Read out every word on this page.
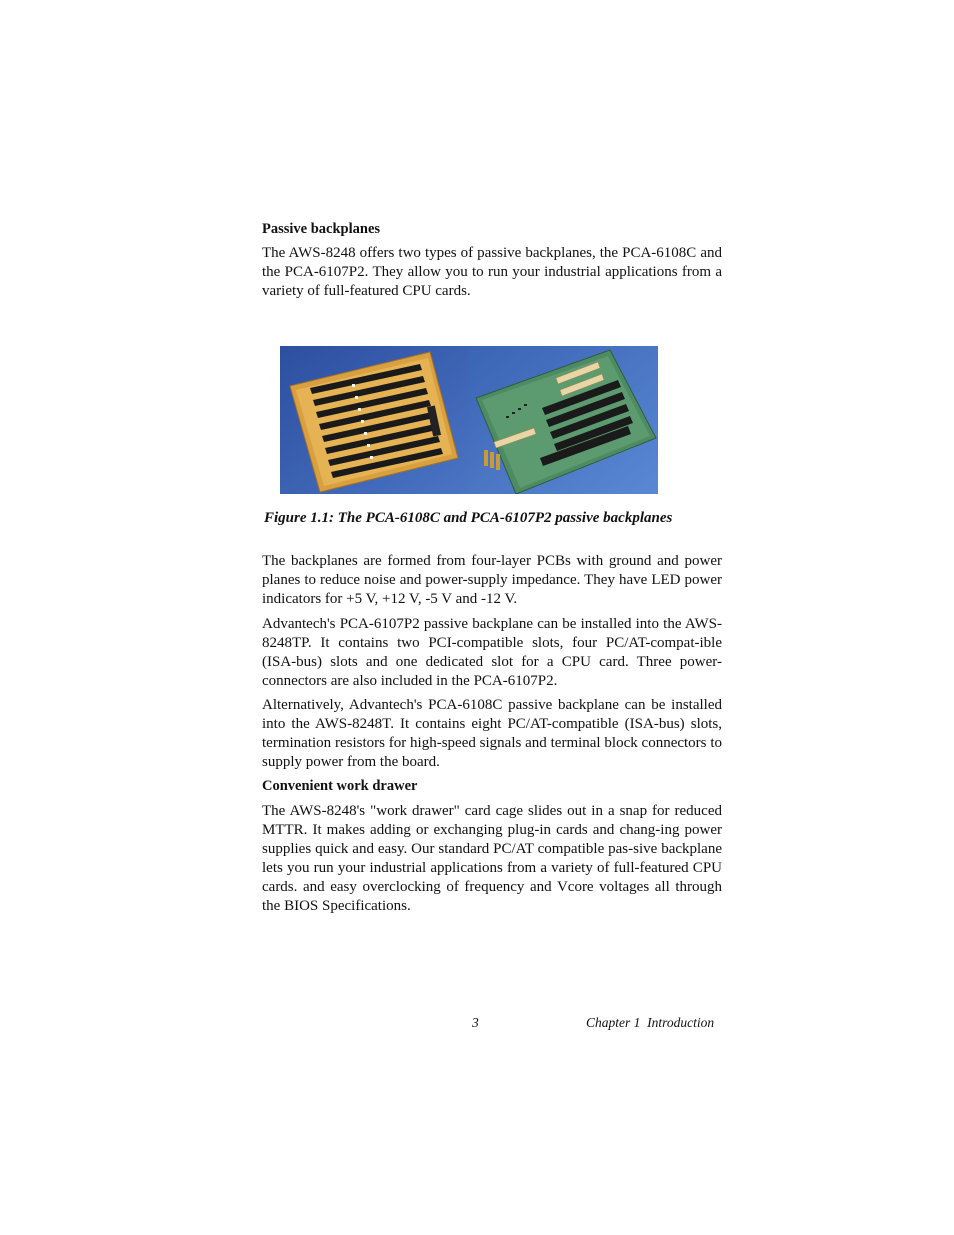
Passive backplanes

The AWS-8248 offers two types of passive backplanes, the PCA-6108C and the PCA-6107P2. They allow you to run your industrial applications from a variety of full-featured CPU cards.

Figure 1.1: The PCA-6108C and PCA-6107P2 passive backplanes

The backplanes are formed from four-layer PCBs with ground and power planes to reduce noise and power-supply impedance. They have LED power indicators for +5 V, +12 V, -5 V and -12 V.

Advantech's PCA-6107P2 passive backplane can be installed into the AWS-8248TP. It contains two PCI-compatible slots, four PC/AT-compat-ible (ISA-bus) slots and one dedicated slot for a CPU card. Three power-connectors are also included in the PCA-6107P2.

Alternatively, Advantech's PCA-6108C passive backplane can be installed into the AWS-8248T. It contains eight PC/AT-compatible (ISA-bus) slots, termination resistors for high-speed signals and terminal block connectors to supply power from the board.

Convenient work drawer

The AWS-8248's "work drawer" card cage slides out in a snap for reduced MTTR. It makes adding or exchanging plug-in cards and chang-ing power supplies quick and easy. Our standard PC/AT compatible pas-sive backplane lets you run your industrial applications from a variety of full-featured CPU cards. and easy overclocking of frequency and Vcore voltages all through the BIOS Specifications.

3	Chapter 1  Introduction
